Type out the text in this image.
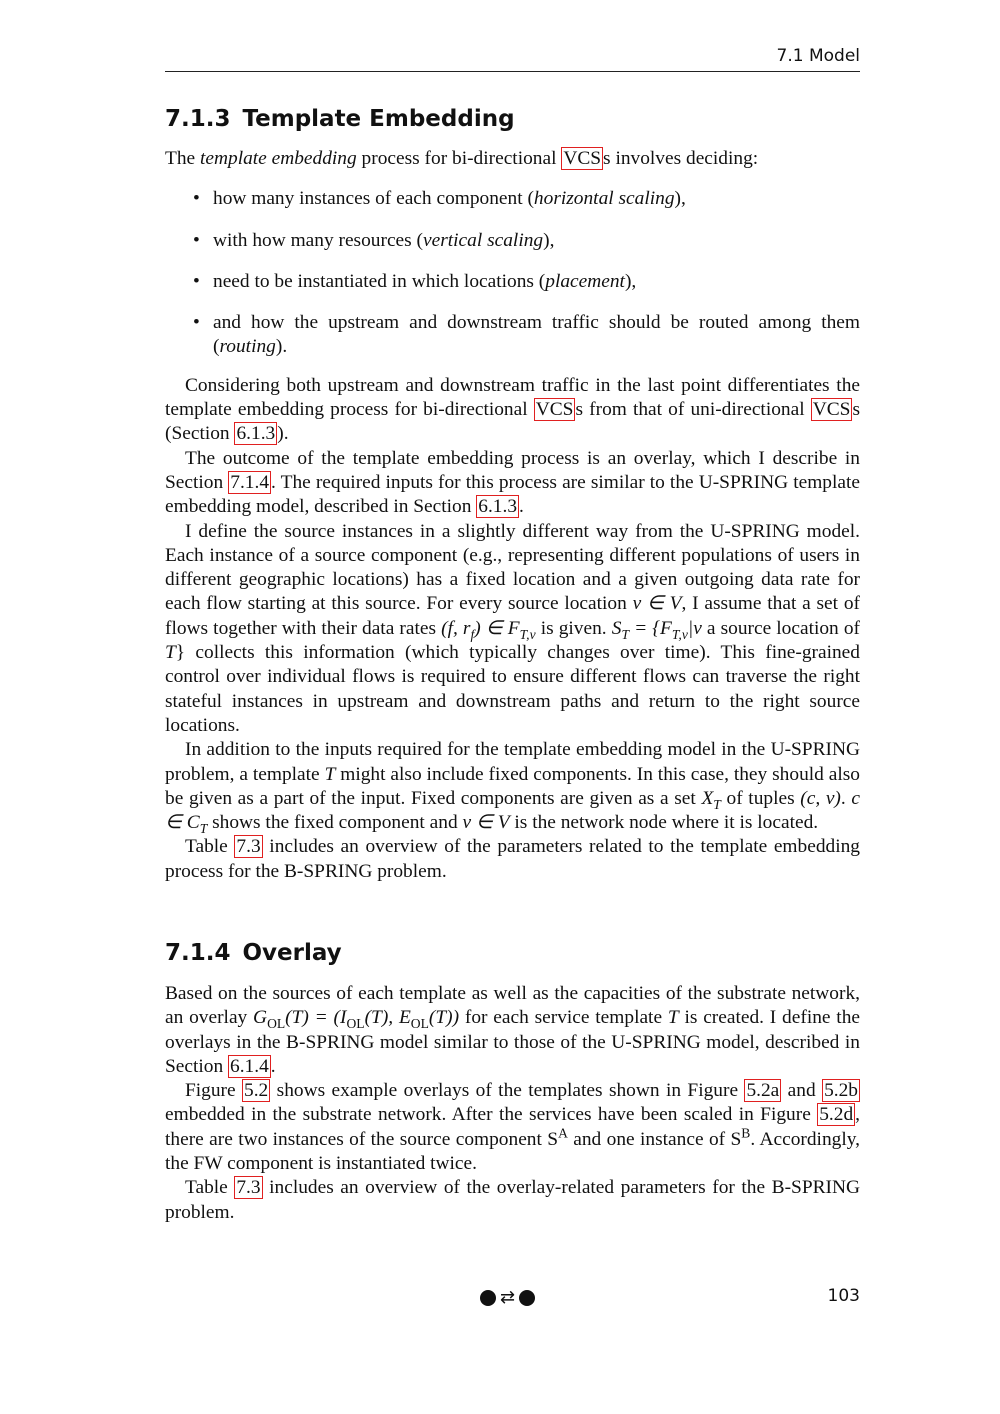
7.1 Model
7.1.3 Template Embedding

The template embedding process for bi-directional VCS s involves deciding:

• how many instances of each component (horizontal scaling),
• with how many resources (vertical scaling),
• need to be instantiated in which locations (placement),
• and how the upstream and downstream traffic should be routed among them (routing).

Considering both upstream and downstream traffic in the last point differentiates the template embedding process for bi-directional VCS s from that of uni-directional VCS s (Section 6.1.3 ).

The outcome of the template embedding process is an overlay, which I describe in Section 7.1.4 . The required inputs for this process are similar to the U-SPRING template embedding model, described in Section 6.1.3 .

I define the source instances in a slightly different way from the U-SPRING model. Each instance of a source component (e.g., representing different populations of users in different geographic locations) has a fixed location and a given outgoing data rate for each flow starting at this source. For every source location v ∈ V, I assume that a set of flows together with their data rates (f, $r_f$) ∈ $F_{T,v}$ is given. $S_T = \{F_{T,v}|v$ a source location of T} collects this information (which typically changes over time). This fine-grained control over individual flows is required to ensure different flows can traverse the right stateful instances in upstream and downstream paths and return to the right source locations.

In addition to the inputs required for the template embedding model in the U-SPRING problem, a template T might also include fixed components. In this case, they should also be given as a part of the input. Fixed components are given as a set $X_T$ of tuples (c, v). c ∈ $C_T$ shows the fixed component and v ∈ V is the network node where it is located.

Table 7.3 includes an overview of the parameters related to the template embedding process for the B-SPRING problem.

7.1.4 Overlay

Based on the sources of each template as well as the capacities of the substrate network, an overlay $G_{OL}(T) = (I_{OL}(T)$, $E_{OL}(T)$) for each service template T is created. I define the overlays in the B-SPRING model similar to those of the U-SPRING model, described in Section 6.1.4 .

Figure 5.2 shows example overlays of the templates shown in Figure 5.2a and 5.2b embedded in the substrate network. After the services have been scaled in Figure 5.2d , there are two instances of the source component $S^A$ and one instance of $S^B$. Accordingly, the FW component is instantiated twice.

Table 7.3 includes an overview of the overlay-related parameters for the B-SPRING problem.

⇄	103
